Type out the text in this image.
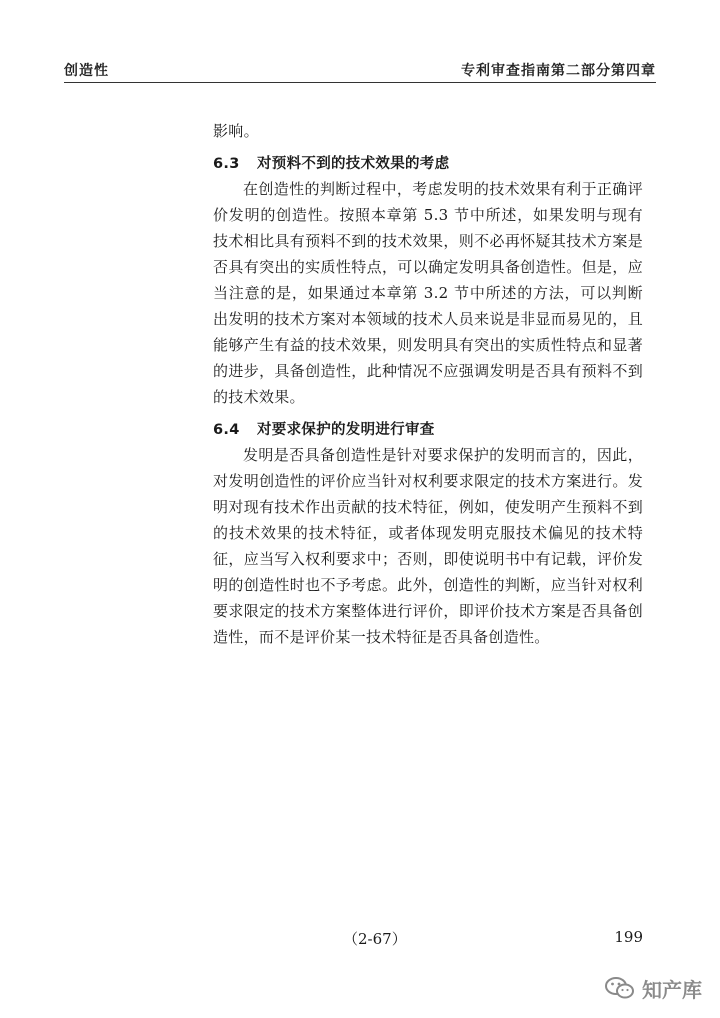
创造性	专利审查指南第二部分第四章

影响。

6.3 对预料不到的技术效果的考虑

在创造性的判断过程中，考虑发明的技术效果有利于正确评价发明的创造性。按照本章第 5.3 节中所述，如果发明与现有技术相比具有预料不到的技术效果，则不必再怀疑其技术方案是否具有突出的实质性特点，可以确定发明具备创造性。但是，应当注意的是，如果通过本章第 3.2 节中所述的方法，可以判断出发明的技术方案对本领域的技术人员来说是非显而易见的，且能够产生有益的技术效果，则发明具有突出的实质性特点和显著的进步，具备创造性，此种情况不应强调发明是否具有预料不到的技术效果。

6.4 对要求保护的发明进行审查

发明是否具备创造性是针对要求保护的发明而言的，因此，对发明创造性的评价应当针对权利要求限定的技术方案进行。发明对现有技术作出贡献的技术特征，例如，使发明产生预料不到的技术效果的技术特征，或者体现发明克服技术偏见的技术特征，应当写入权利要求中；否则，即使说明书中有记载，评价发明的创造性时也不予考虑。此外，创造性的判断，应当针对权利要求限定的技术方案整体进行评价，即评价技术方案是否具备创造性，而不是评价某一技术特征是否具备创造性。

（2-67）	199
知产库
